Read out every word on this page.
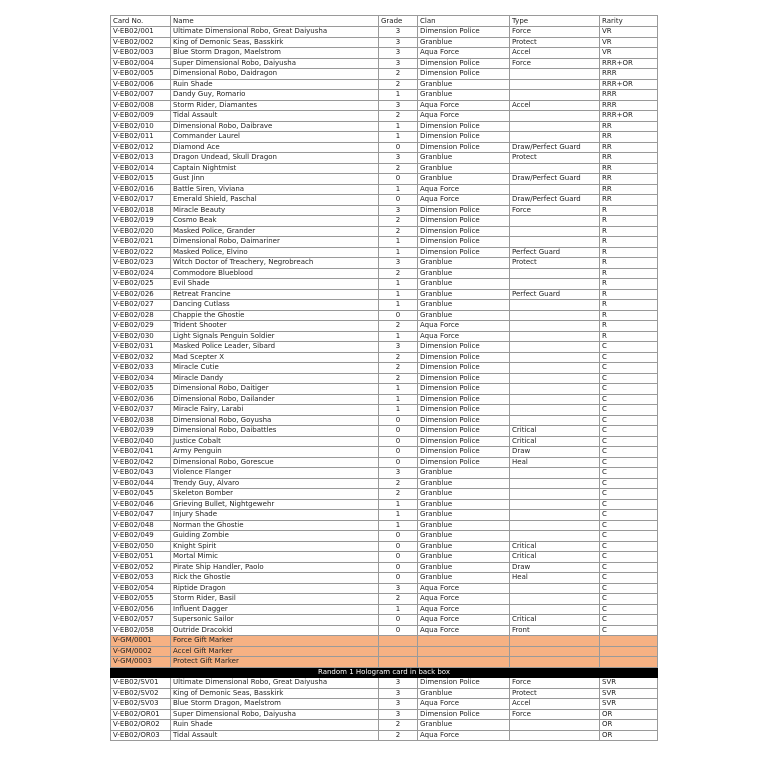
Card No.	Name	Grade	Clan	Type	Rarity
V-EB02/001	Ultimate Dimensional Robo, Great Daiyusha	3	Dimension Police	Force	VR
V-EB02/002	King of Demonic Seas, Basskirk	3	Granblue	Protect	VR
V-EB02/003	Blue Storm Dragon, Maelstrom	3	Aqua Force	Accel	VR
V-EB02/004	Super Dimensional Robo, Daiyusha	3	Dimension Police	Force	RRR+OR
V-EB02/005	Dimensional Robo, Daidragon	2	Dimension Police		RRR
V-EB02/006	Ruin Shade	2	Granblue		RRR+OR
V-EB02/007	Dandy Guy, Romario	1	Granblue		RRR
V-EB02/008	Storm Rider, Diamantes	3	Aqua Force	Accel	RRR
V-EB02/009	Tidal Assault	2	Aqua Force		RRR+OR
V-EB02/010	Dimensional Robo, Daibrave	1	Dimension Police		RR
V-EB02/011	Commander Laurel	1	Dimension Police		RR
V-EB02/012	Diamond Ace	0	Dimension Police	Draw/Perfect Guard	RR
V-EB02/013	Dragon Undead, Skull Dragon	3	Granblue	Protect	RR
V-EB02/014	Captain Nightmist	2	Granblue		RR
V-EB02/015	Gust Jinn	0	Granblue	Draw/Perfect Guard	RR
V-EB02/016	Battle Siren, Viviana	1	Aqua Force		RR
V-EB02/017	Emerald Shield, Paschal	0	Aqua Force	Draw/Perfect Guard	RR
V-EB02/018	Miracle Beauty	3	Dimension Police	Force	R
V-EB02/019	Cosmo Beak	2	Dimension Police		R
V-EB02/020	Masked Police, Grander	2	Dimension Police		R
V-EB02/021	Dimensional Robo, Daimariner	1	Dimension Police		R
V-EB02/022	Masked Police, Elvino	1	Dimension Police	Perfect Guard	R
V-EB02/023	Witch Doctor of Treachery, Negrobreach	3	Granblue	Protect	R
V-EB02/024	Commodore Blueblood	2	Granblue		R
V-EB02/025	Evil Shade	1	Granblue		R
V-EB02/026	Retreat Francine	1	Granblue	Perfect Guard	R
V-EB02/027	Dancing Cutlass	1	Granblue		R
V-EB02/028	Chappie the Ghostie	0	Granblue		R
V-EB02/029	Trident Shooter	2	Aqua Force		R
V-EB02/030	Light Signals Penguin Soldier	1	Aqua Force		R
V-EB02/031	Masked Police Leader, Sibard	3	Dimension Police		C
V-EB02/032	Mad Scepter X	2	Dimension Police		C
V-EB02/033	Miracle Cutie	2	Dimension Police		C
V-EB02/034	Miracle Dandy	2	Dimension Police		C
V-EB02/035	Dimensional Robo, Daitiger	1	Dimension Police		C
V-EB02/036	Dimensional Robo, Dailander	1	Dimension Police		C
V-EB02/037	Miracle Fairy, Larabi	1	Dimension Police		C
V-EB02/038	Dimensional Robo, Goyusha	0	Dimension Police		C
V-EB02/039	Dimensional Robo, Daibattles	0	Dimension Police	Critical	C
V-EB02/040	Justice Cobalt	0	Dimension Police	Critical	C
V-EB02/041	Army Penguin	0	Dimension Police	Draw	C
V-EB02/042	Dimensional Robo, Gorescue	0	Dimension Police	Heal	C
V-EB02/043	Violence Flanger	3	Granblue		C
V-EB02/044	Trendy Guy, Alvaro	2	Granblue		C
V-EB02/045	Skeleton Bomber	2	Granblue		C
V-EB02/046	Grieving Bullet, Nightgewehr	1	Granblue		C
V-EB02/047	Injury Shade	1	Granblue		C
V-EB02/048	Norman the Ghostie	1	Granblue		C
V-EB02/049	Guiding Zombie	0	Granblue		C
V-EB02/050	Knight Spirit	0	Granblue	Critical	C
V-EB02/051	Mortal Mimic	0	Granblue	Critical	C
V-EB02/052	Pirate Ship Handler, Paolo	0	Granblue	Draw	C
V-EB02/053	Rick the Ghostie	0	Granblue	Heal	C
V-EB02/054	Riptide Dragon	3	Aqua Force		C
V-EB02/055	Storm Rider, Basil	2	Aqua Force		C
V-EB02/056	Influent Dagger	1	Aqua Force		C
V-EB02/057	Supersonic Sailor	0	Aqua Force	Critical	C
V-EB02/058	Outride Dracokid	0	Aqua Force	Front	C
V-GM/0001	Force Gift Marker				
V-GM/0002	Accel Gift Marker				
V-GM/0003	Protect Gift Marker				
Random 1 Hologram card in back box					
V-EB02/SV01	Ultimate Dimensional Robo, Great Daiyusha	3	Dimension Police	Force	SVR
V-EB02/SV02	King of Demonic Seas, Basskirk	3	Granblue	Protect	SVR
V-EB02/SV03	Blue Storm Dragon, Maelstrom	3	Aqua Force	Accel	SVR
V-EB02/OR01	Super Dimensional Robo, Daiyusha	3	Dimension Police	Force	OR
V-EB02/OR02	Ruin Shade	2	Granblue		OR
V-EB02/OR03	Tidal Assault	2	Aqua Force		OR
